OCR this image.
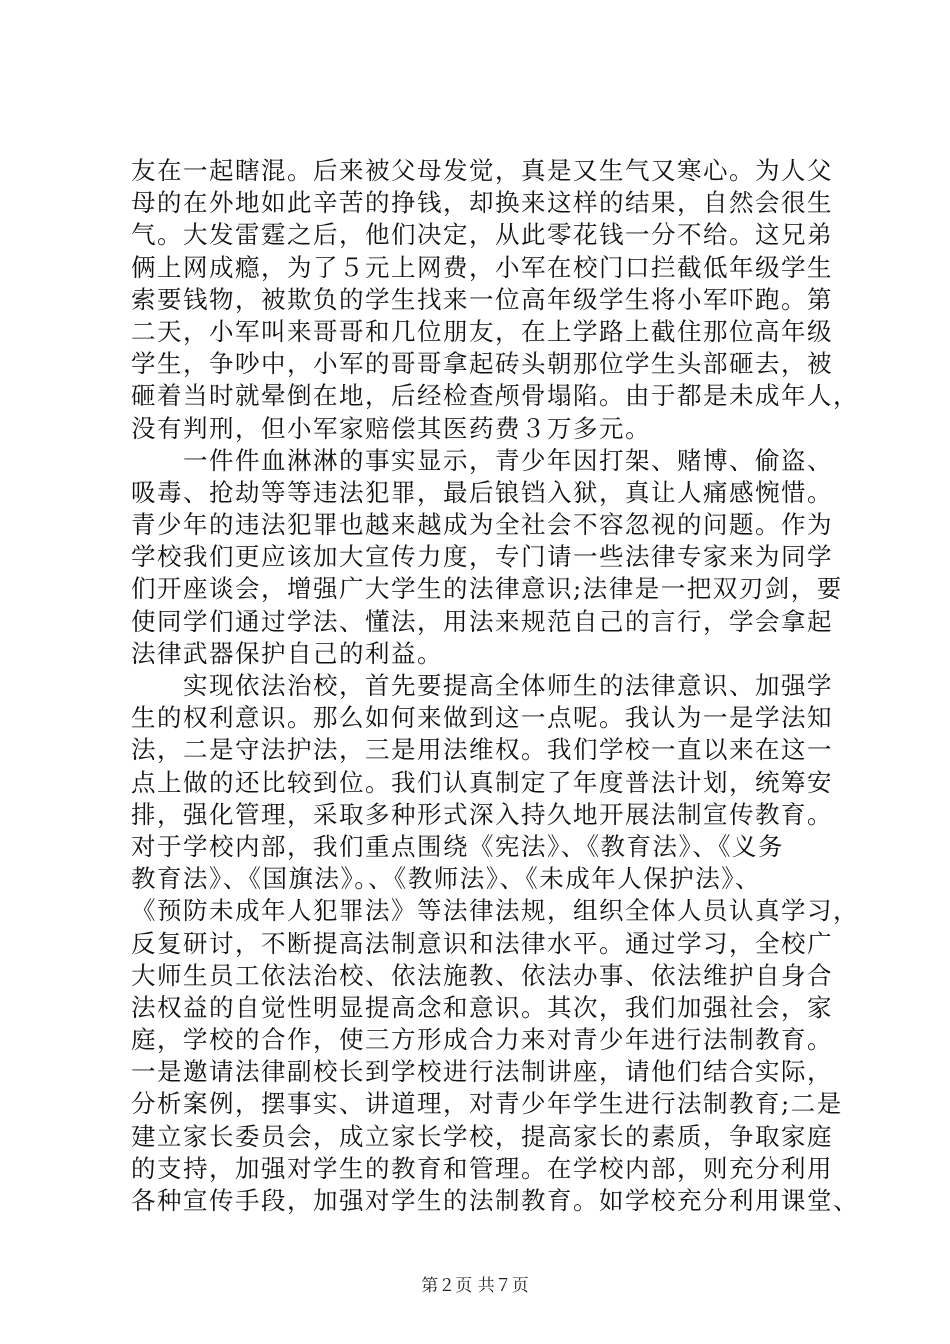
友在一起瞎混。后来被父母发觉，真是又生气又寒心。为人父
母的在外地如此辛苦的挣钱，却换来这样的结果，自然会很生
气。大发雷霆之后，他们决定，从此零花钱一分不给。这兄弟
俩上网成瘾，为了５元上网费，小军在校门口拦截低年级学生
索要钱物，被欺负的学生找来一位高年级学生将小军吓跑。第
二天，小军叫来哥哥和几位朋友，在上学路上截住那位高年级
学生，争吵中，小军的哥哥拿起砖头朝那位学生头部砸去，被
砸着当时就晕倒在地，后经检查颅骨塌陷。由于都是未成年人，
没有判刑，但小军家赔偿其医药费３万多元。
　　一件件血淋淋的事实显示，青少年因打架、赌博、偷盗、
吸毒、抢劫等等违法犯罪，最后锒铛入狱，真让人痛感惋惜。
青少年的违法犯罪也越来越成为全社会不容忽视的问题。作为
学校我们更应该加大宣传力度，专门请一些法律专家来为同学
们开座谈会，增强广大学生的法律意识;法律是一把双刃剑，要
使同学们通过学法、懂法，用法来规范自己的言行，学会拿起
法律武器保护自己的利益。
　　实现依法治校，首先要提高全体师生的法律意识、加强学
生的权利意识。那么如何来做到这一点呢。我认为一是学法知
法，二是守法护法，三是用法维权。我们学校一直以来在这一
点上做的还比较到位。我们认真制定了年度普法计划，统筹安
排，强化管理，采取多种形式深入持久地开展法制宣传教育。
对于学校内部，我们重点围绕《宪法》、《教育法》、《义务
教育法》、《国旗法》。、《教师法》、《未成年人保护法》、
《预防未成年人犯罪法》等法律法规，组织全体人员认真学习，
反复研讨，不断提高法制意识和法律水平。通过学习，全校广
大师生员工依法治校、依法施教、依法办事、依法维护自身合
法权益的自觉性明显提高念和意识。其次，我们加强社会，家
庭，学校的合作，使三方形成合力来对青少年进行法制教育。
一是邀请法律副校长到学校进行法制讲座，请他们结合实际，
分析案例，摆事实、讲道理，对青少年学生进行法制教育;二是
建立家长委员会，成立家长学校，提高家长的素质，争取家庭
的支持，加强对学生的教育和管理。在学校内部，则充分利用
各种宣传手段，加强对学生的法制教育。如学校充分利用课堂、
第２页 共７页
